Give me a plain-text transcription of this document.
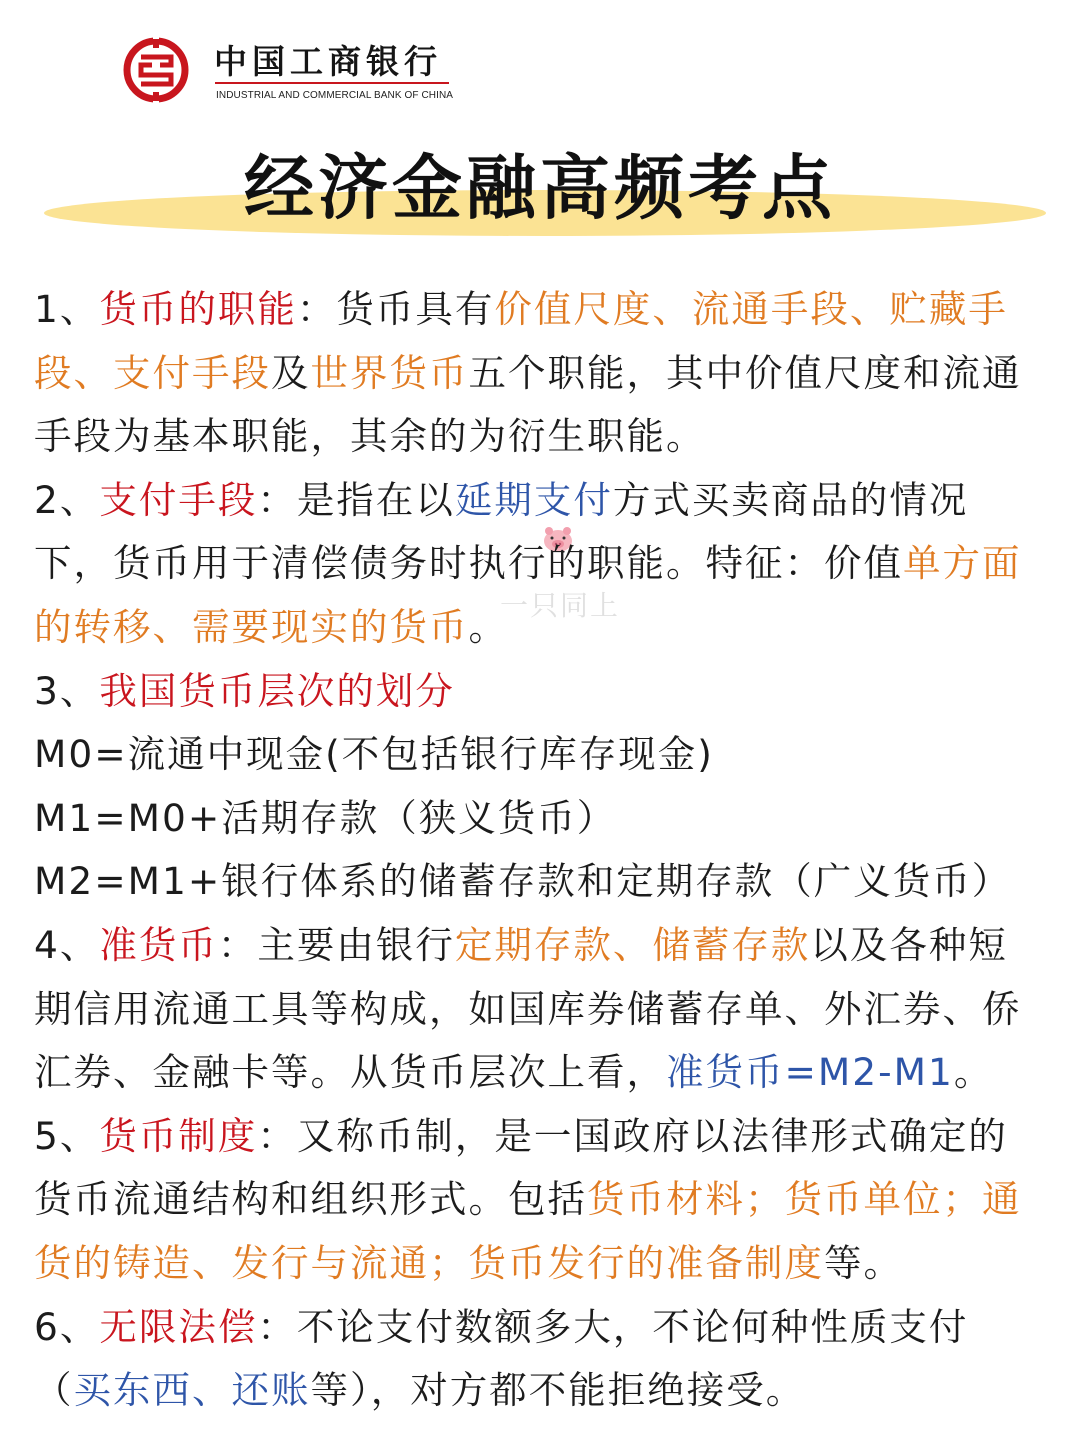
中国工商银行
INDUSTRIAL AND COMMERCIAL BANK OF CHINA
经济金融高频考点
一只同上

1、货币的职能：货币具有价值尺度、流通手段、贮藏手段、支付手段及世界货币五个职能，其中价值尺度和流通手段为基本职能，其余的为衍生职能。

2、支付手段：是指在以延期支付方式买卖商品的情况下，货币用于清偿债务时执行的职能。特征：价值单方面的转移、需要现实的货币。

3、我国货币层次的划分

M0=流通中现金(不包括银行库存现金)

M1=M0+活期存款（狭义货币）

M2=M1+银行体系的储蓄存款和定期存款（广义货币）

4、准货币：主要由银行定期存款、储蓄存款以及各种短期信用流通工具等构成，如国库券储蓄存单、外汇券、侨汇券、金融卡等。从货币层次上看，准货币=M2-M1。

5、货币制度：又称币制，是一国政府以法律形式确定的货币流通结构和组织形式。包括货币材料；货币单位；通货的铸造、发行与流通；货币发行的准备制度等。

6、无限法偿：不论支付数额多大，不论何种性质支付（买东西、还账等），对方都不能拒绝接受。
